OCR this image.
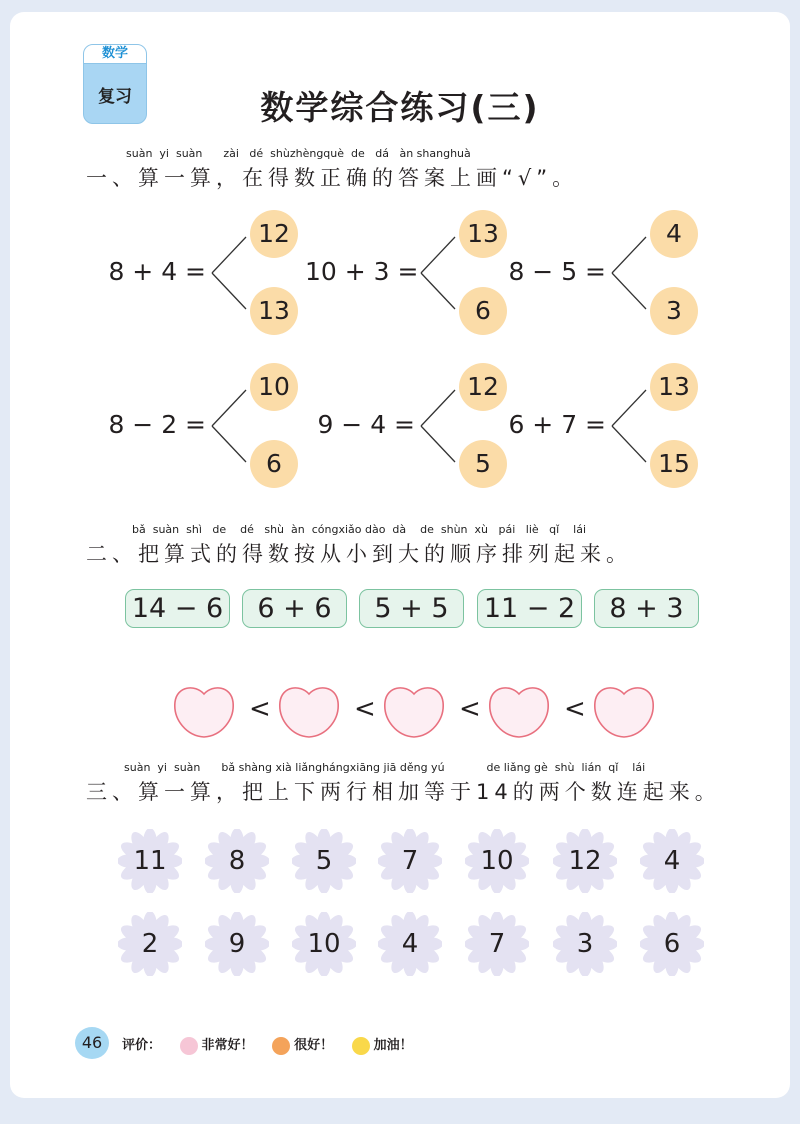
数学
复习	数学综合练习(三)
suàn  yi  suàn      zài   dé  shùzhèngquè  de   dá   àn shanghuà
一、算一算，在得数正确的答案上画“√”。
8 + 4 =
12
13
10 + 3 =
13
6
8 − 5 =
4
3
8 − 2 =
10
6
9 − 4 =
12
5
6 + 7 =
13
15
bǎ  suàn  shì   de    dé   shù  àn  cóngxiǎo dào  dà    de  shùn  xù   pái   liè   qǐ    lái
二、把算式的得数按从小到大的顺序排列起来。
14 − 6	6 + 6	5 + 5	11 − 2	8 + 3
<	<	<	<
suàn  yi  suàn      bǎ shàng xià liǎnghángxiāng jiā děng yú            de liǎng gè  shù  lián  qǐ    lái
三、算一算，把上下两行相加等于14的两个数连起来。
11	8	5	7	10	12	4
2	9	10	4	7	3	6
46	评价：	非常好！	很好！	加油！
